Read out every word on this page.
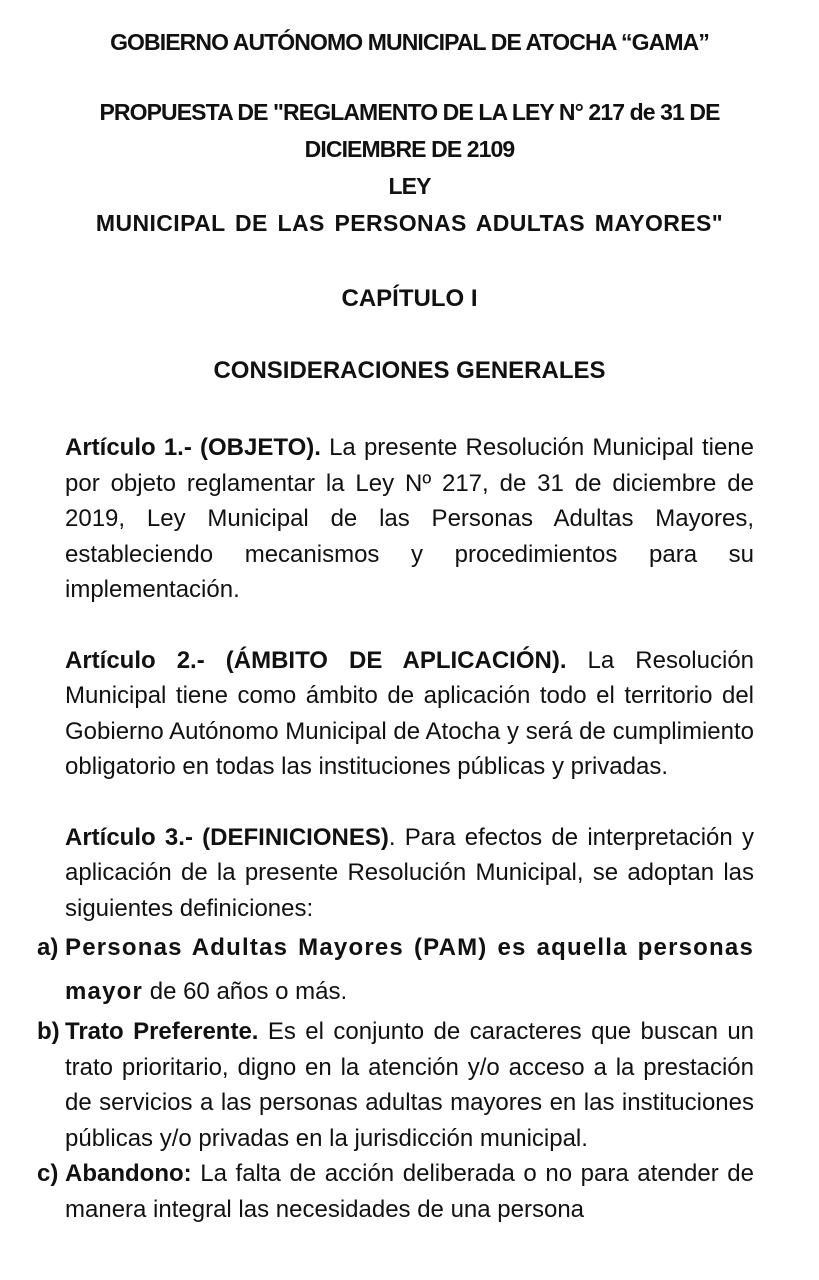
GOBIERNO AUTÓNOMO MUNICIPAL DE ATOCHA “GAMA”

PROPUESTA DE "REGLAMENTO DE LA LEY N° 217 de 31 DE
DICIEMBRE DE 2109
LEY
MUNICIPAL DE LAS PERSONAS ADULTAS MAYORES"

CAPÍTULO I

CONSIDERACIONES GENERALES

Artículo 1.- (OBJETO). La presente Resolución Municipal tiene por objeto reglamentar la Ley Nº 217, de 31 de diciembre de 2019, Ley Municipal de las Personas Adultas Mayores, estableciendo mecanismos y procedimientos para su implementación.

Artículo 2.- (ÁMBITO DE APLICACIÓN). La Resolución Municipal tiene como ámbito de aplicación todo el territorio del Gobierno Autónomo Municipal de Atocha y será de cumplimiento obligatorio en todas las instituciones públicas y privadas.

Artículo 3.- (DEFINICIONES). Para efectos de interpretación y aplicación de la presente Resolución Municipal, se adoptan las siguientes definiciones:

a) Personas Adultas Mayores (PAM) es aquella personas mayor de 60 años o más.
b) Trato Preferente. Es el conjunto de caracteres que buscan un trato prioritario, digno en la atención y/o acceso a la prestación de servicios a las personas adultas mayores en las instituciones públicas y/o privadas en la jurisdicción municipal.
c) Abandono: La falta de acción deliberada o no para atender de manera integral las necesidades de una persona
